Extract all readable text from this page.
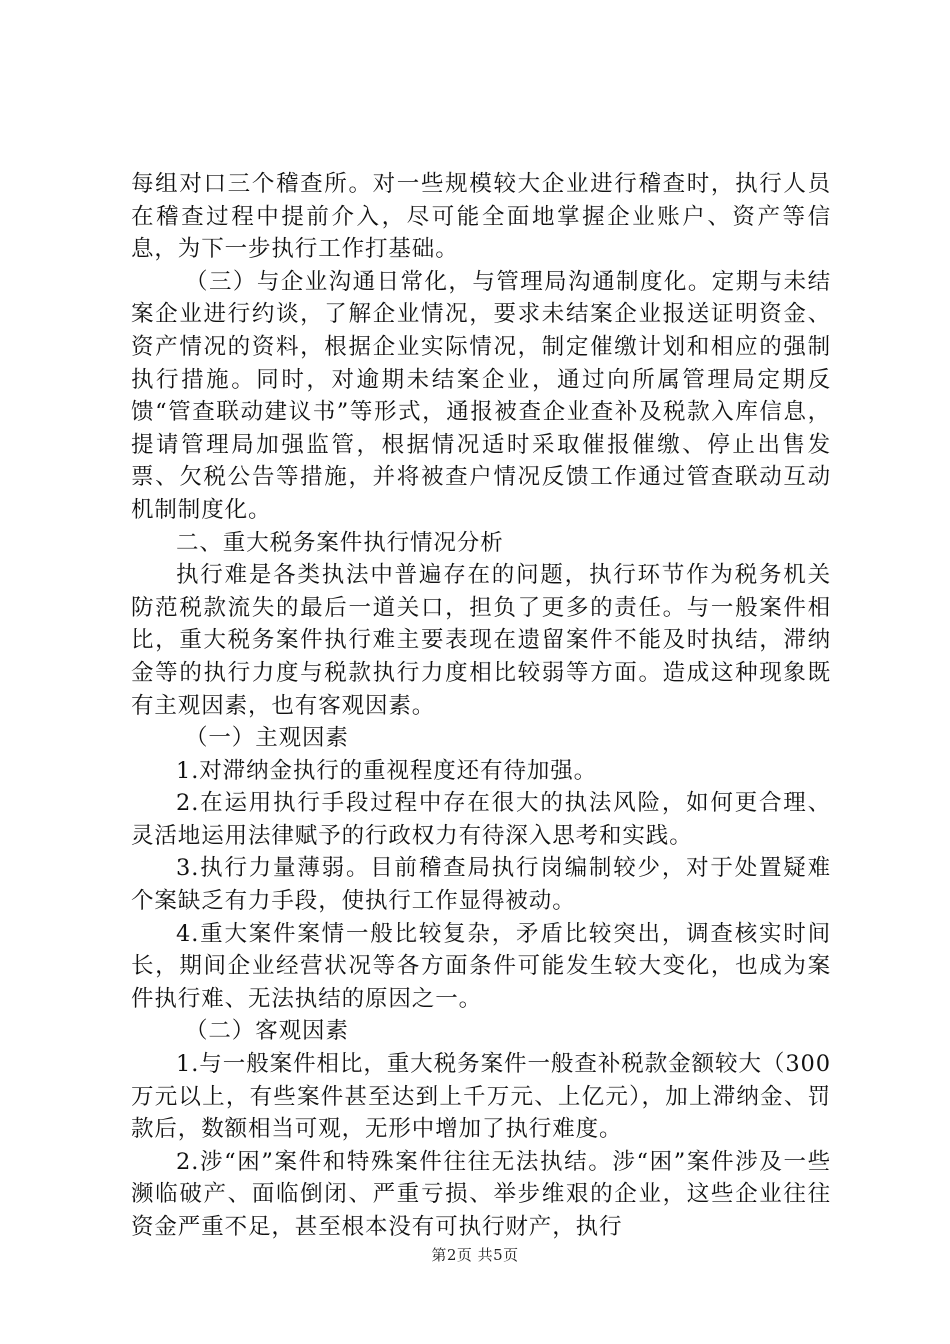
每组对口三个稽查所。对一些规模较大企业进行稽查时，执行人员在稽查过程中提前介入，尽可能全面地掌握企业账户、资产等信息，为下一步执行工作打基础。

（三）与企业沟通日常化，与管理局沟通制度化。定期与未结案企业进行约谈，了解企业情况，要求未结案企业报送证明资金、资产情况的资料，根据企业实际情况，制定催缴计划和相应的强制执行措施。同时，对逾期未结案企业，通过向所属管理局定期反馈“管查联动建议书”等形式，通报被查企业查补及税款入库信息，提请管理局加强监管，根据情况适时采取催报催缴、停止出售发票、欠税公告等措施，并将被查户情况反馈工作通过管查联动互动机制制度化。

二、重大税务案件执行情况分析

执行难是各类执法中普遍存在的问题，执行环节作为税务机关防范税款流失的最后一道关口，担负了更多的责任。与一般案件相比，重大税务案件执行难主要表现在遗留案件不能及时执结，滞纳金等的执行力度与税款执行力度相比较弱等方面。造成这种现象既有主观因素，也有客观因素。

（一）主观因素

1.对滞纳金执行的重视程度还有待加强。

2.在运用执行手段过程中存在很大的执法风险，如何更合理、灵活地运用法律赋予的行政权力有待深入思考和实践。

3.执行力量薄弱。目前稽查局执行岗编制较少，对于处置疑难个案缺乏有力手段，使执行工作显得被动。

4.重大案件案情一般比较复杂，矛盾比较突出，调查核实时间长，期间企业经营状况等各方面条件可能发生较大变化，也成为案件执行难、无法执结的原因之一。

（二）客观因素

1.与一般案件相比，重大税务案件一般查补税款金额较大（300万元以上，有些案件甚至达到上千万元、上亿元），加上滞纳金、罚款后，数额相当可观，无形中增加了执行难度。

2.涉“困”案件和特殊案件往往无法执结。涉“困”案件涉及一些濒临破产、面临倒闭、严重亏损、举步维艰的企业，这些企业往往资金严重不足，甚至根本没有可执行财产，执行

第2页 共5页
